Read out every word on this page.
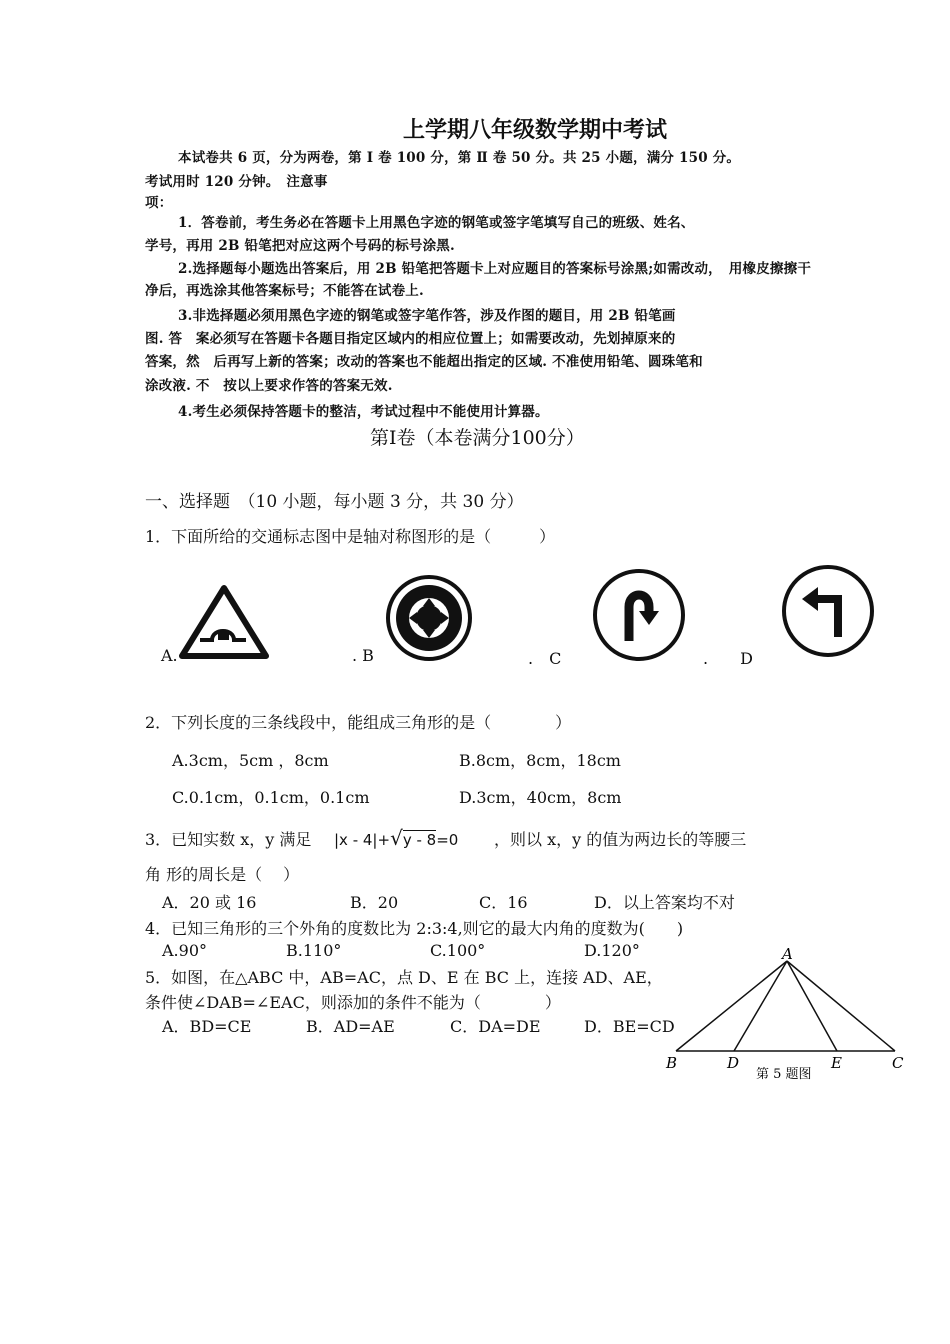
上学期八年级数学期中考试
本试卷共 6 页，分为两卷，第 Ⅰ 卷 100 分，第 Ⅱ 卷 50 分。共 25 小题，满分 150 分。
考试用时 120 分钟。　注意事
项：
1．答卷前，考生务必在答题卡上用黑色字迹的钢笔或签字笔填写自己的班级、姓名、
学号，再用 2B 铅笔把对应这两个号码的标号涂黑.
2.选择题每小题选出答案后，用 2B 铅笔把答题卡上对应题目的答案标号涂黑;如需改动，　用橡皮擦擦干
净后，再选涂其他答案标号；不能答在试卷上.
3.非选择题必须用黑色字迹的钢笔或签字笔作答，涉及作图的题目，用 2B 铅笔画
图. 答　案必须写在答题卡各题目指定区域内的相应位置上；如需要改动，先划掉原来的
答案，然　后再写上新的答案；改动的答案也不能超出指定的区域. 不准使用铅笔、圆珠笔和
涂改液. 不　按以上要求作答的答案无效.
4.考生必须保持答题卡的整洁，考试过程中不能使用计算器。
第Ⅰ卷（本卷满分100分）
一、选择题　（10 小题，每小题 3 分，共 30 分）
1．下面所给的交通标志图中是轴对称图形的是（　　　）
A.	. B	.　C	.　　D
2．下列长度的三条线段中，能组成三角形的是（　　　　）
A.3cm，5cm ，8cm	B.8cm，8cm，18cm
C.0.1cm，0.1cm，0.1cm	D.3cm，40cm，8cm
3．已知实数 x，y 满足 |x - 4|+√y - 8=0 ，则以 x，y 的值为两边长的等腰三
角 形的周长是（　 ）
A．20 或 16	B．20	C．16	D．以上答案均不对
4．已知三角形的三个外角的度数比为 2:3:4,则它的最大内角的度数为(　　)
A.90°	B.110°	C.100°	D.120°
5．如图，在△ABC 中，AB=AC，点 D、E 在 BC 上，连接 AD、AE，
条件使∠DAB=∠EAC，则添加的条件不能为（　　　　）
A．BD=CE	B．AD=AE	C．DA=DE	D．BE=CD
A
B	D	E	C
第 5 题图
